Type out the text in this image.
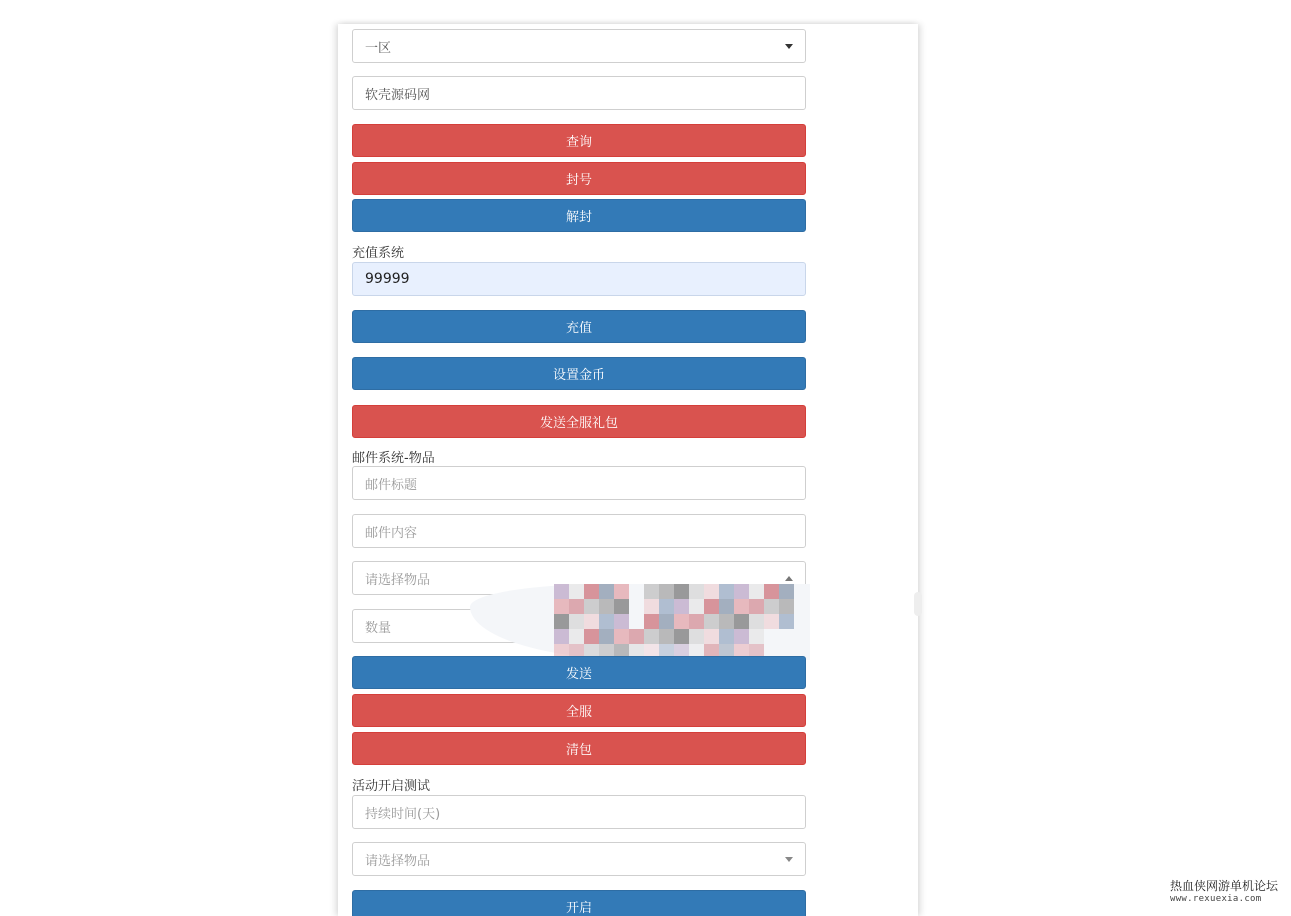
一区
软壳源码网
查询
封号
解封
充值系统
99999
充值
设置金币
发送全服礼包
邮件系统-物品
邮件标题
邮件内容
请选择物品
数量
发送
全服
清包
活动开启测试
持续时间(天)
请选择物品
开启
热血侠网游单机论坛
www.rexuexia.com
